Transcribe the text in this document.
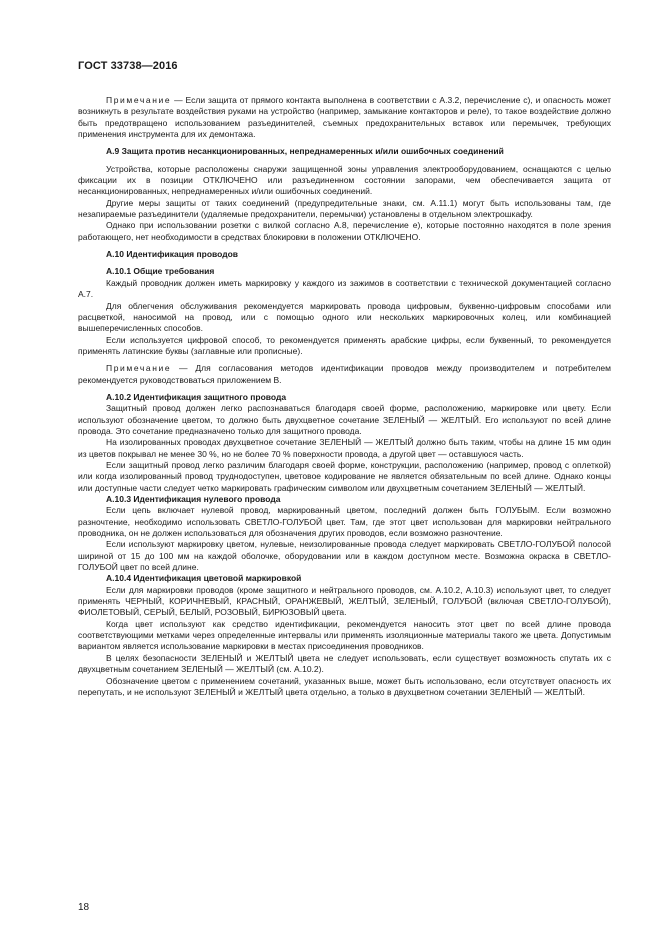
ГОСТ 33738—2016

Примечание — Если защита от прямого контакта выполнена в соответствии с А.3.2, перечисление с), и опасность может возникнуть в результате воздействия руками на устройство (например, замыкание контакторов и реле), то такое воздействие должно быть предотвращено использованием разъединителей, съемных предохранительных вставок или перемычек, требующих применения инструмента для их демонтажа.

А.9 Защита против несанкционированных, непреднамеренных и/или ошибочных соединений

Устройства, которые расположены снаружи защищенной зоны управления электрооборудованием, оснащаются с целью фиксации их в позиции ОТКЛЮЧЕНО или разъединенном состоянии запорами, чем обеспечивается защита от несанкционированных, непреднамеренных и/или ошибочных соединений.

Другие меры защиты от таких соединений (предупредительные знаки, см. А.11.1) могут быть использованы там, где незапираемые разъединители (удаляемые предохранители, перемычки) установлены в отдельном электрошкафу.

Однако при использовании розетки с вилкой согласно А.8, перечисление е), которые постоянно находятся в поле зрения работающего, нет необходимости в средствах блокировки в положении ОТКЛЮЧЕНО.

А.10 Идентификация проводов
А.10.1 Общие требования

Каждый проводник должен иметь маркировку у каждого из зажимов в соответствии с технической документацией согласно А.7.

Для облегчения обслуживания рекомендуется маркировать провода цифровым, буквенно-цифровым способами или расцветкой, наносимой на провод, или с помощью одного или нескольких маркировочных колец, или комбинацией вышеперечисленных способов.

Если используется цифровой способ, то рекомендуется применять арабские цифры, если буквенный, то рекомендуется применять латинские буквы (заглавные или прописные).

Примечание — Для согласования методов идентификации проводов между производителем и потребителем рекомендуется руководствоваться приложением В.

А.10.2 Идентификация защитного провода

Защитный провод должен легко распознаваться благодаря своей форме, расположению, маркировке или цвету. Если используют обозначение цветом, то должно быть двухцветное сочетание ЗЕЛЕНЫЙ — ЖЕЛТЫЙ. Его используют по всей длине провода. Это сочетание предназначено только для защитного провода.

На изолированных проводах двухцветное сочетание ЗЕЛЕНЫЙ — ЖЕЛТЫЙ должно быть таким, чтобы на длине 15 мм один из цветов покрывал не менее 30 %, но не более 70 % поверхности провода, а другой цвет — оставшуюся часть.

Если защитный провод легко различим благодаря своей форме, конструкции, расположению (например, провод с оплеткой) или когда изолированный провод труднодоступен, цветовое кодирование не является обязательным по всей длине. Однако концы или доступные части следует четко маркировать графическим символом или двухцветным сочетанием ЗЕЛЕНЫЙ — ЖЕЛТЫЙ.

А.10.3 Идентификация нулевого провода

Если цепь включает нулевой провод, маркированный цветом, последний должен быть ГОЛУБЫМ. Если возможно разночтение, необходимо использовать СВЕТЛО-ГОЛУБОЙ цвет. Там, где этот цвет использован для маркировки нейтрального проводника, он не должен использоваться для обозначения других проводов, если возможно разночтение.

Если используют маркировку цветом, нулевые, неизолированные провода следует маркировать СВЕТЛО-ГОЛУБОЙ полосой шириной от 15 до 100 мм на каждой оболочке, оборудовании или в каждом доступном месте. Возможна окраска в СВЕТЛО-ГОЛУБОЙ цвет по всей длине.

А.10.4 Идентификация цветовой маркировкой

Если для маркировки проводов (кроме защитного и нейтрального проводов, см. А.10.2, А.10.3) используют цвет, то следует применять ЧЕРНЫЙ, КОРИЧНЕВЫЙ, КРАСНЫЙ, ОРАНЖЕВЫЙ, ЖЕЛТЫЙ, ЗЕЛЕНЫЙ, ГОЛУБОЙ (включая СВЕТЛО-ГОЛУБОЙ), ФИОЛЕТОВЫЙ, СЕРЫЙ, БЕЛЫЙ, РОЗОВЫЙ, БИРЮЗОВЫЙ цвета.

Когда цвет используют как средство идентификации, рекомендуется наносить этот цвет по всей длине провода соответствующими метками через определенные интервалы или применять изоляционные материалы такого же цвета. Допустимым вариантом является использование маркировки в местах присоединения проводников.

В целях безопасности ЗЕЛЕНЫЙ и ЖЕЛТЫЙ цвета не следует использовать, если существует возможность спутать их с двухцветным сочетанием ЗЕЛЕНЫЙ — ЖЕЛТЫЙ (см. А.10.2).

Обозначение цветом с применением сочетаний, указанных выше, может быть использовано, если отсутствует опасность их перепутать, и не используют ЗЕЛЕНЫЙ и ЖЕЛТЫЙ цвета отдельно, а только в двухцветном сочетании ЗЕЛЕНЫЙ — ЖЕЛТЫЙ.

18
